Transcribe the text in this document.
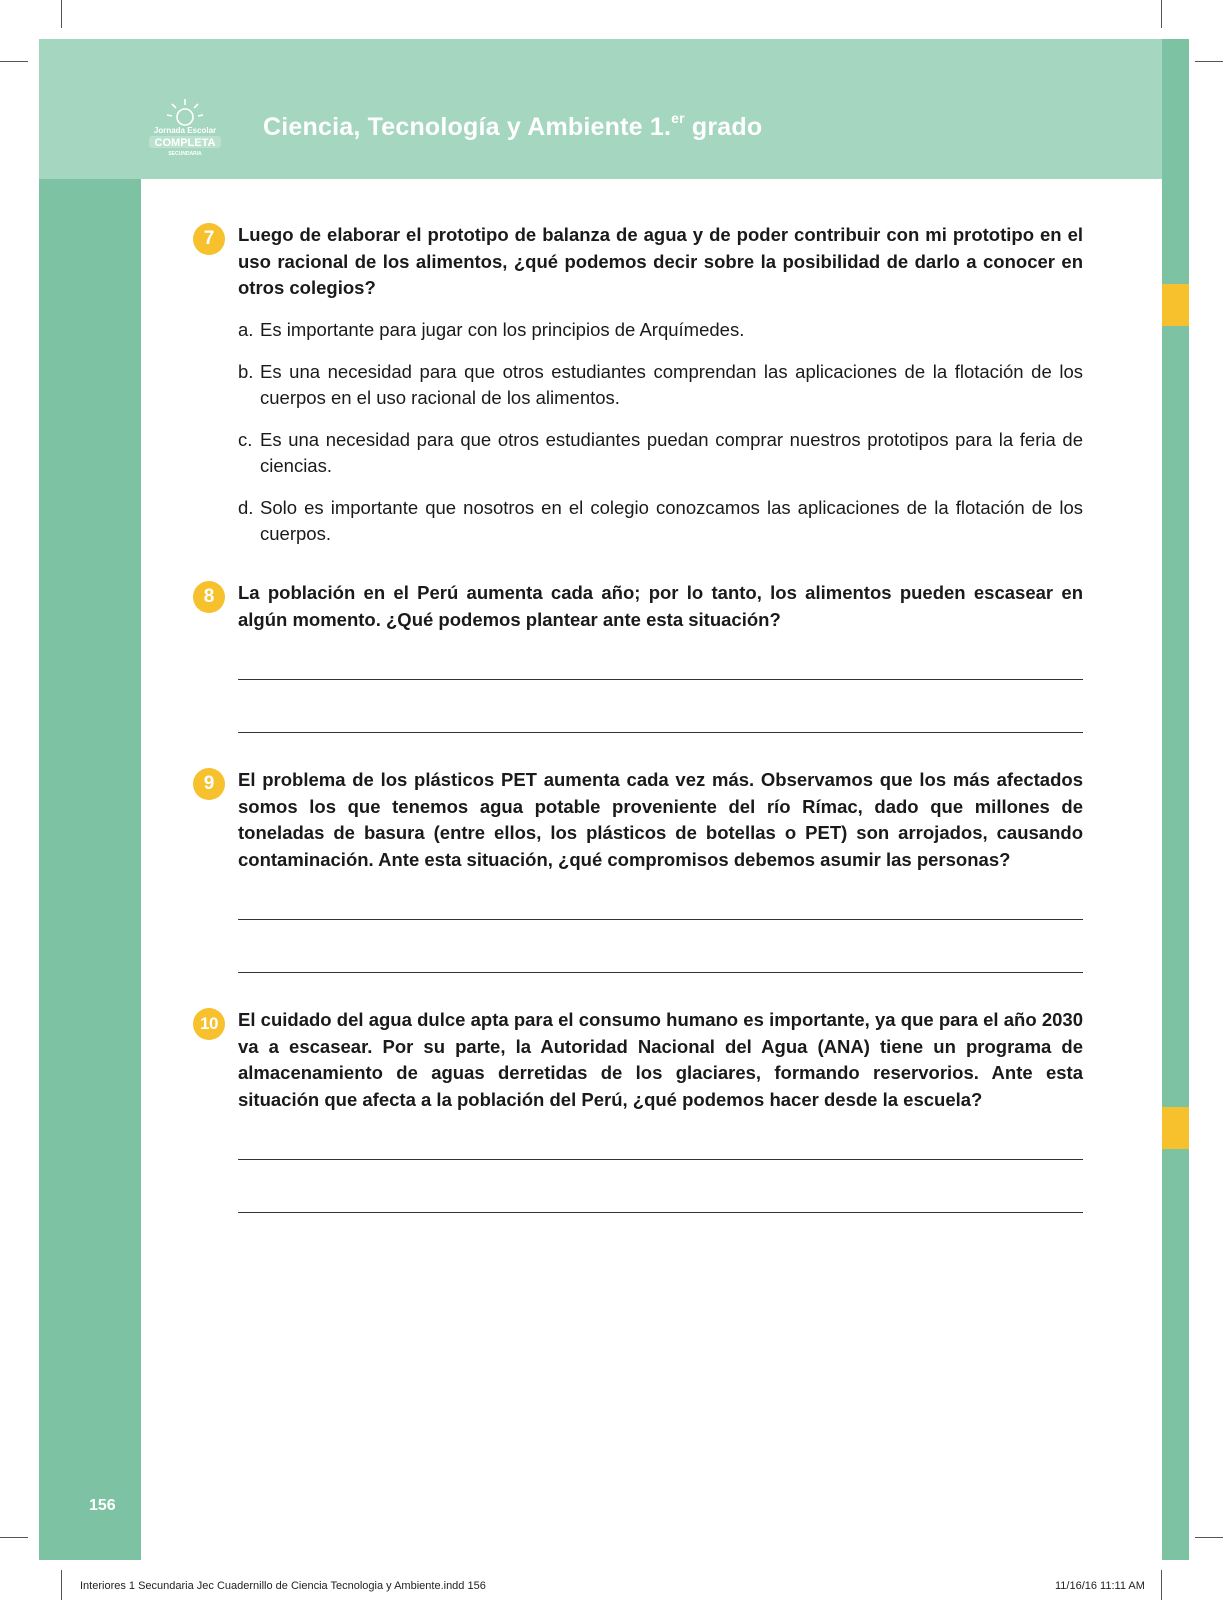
Jornada Escolar
COMPLETA
SECUNDARIA
Ciencia, Tecnología y Ambiente 1.$^{er}$ grado
7	Luego de elaborar el prototipo de balanza de agua y de poder contribuir con mi prototipo en el uso racional de los alimentos, ¿qué podemos decir sobre la posibilidad de darlo a conocer en otros colegios?
a. Es importante para jugar con los principios de Arquímedes.
b. Es una necesidad para que otros estudiantes comprendan las aplicaciones de la flotación de los cuerpos en el uso racional de los alimentos.
c. Es una necesidad para que otros estudiantes puedan comprar nuestros prototipos para la feria de ciencias.
d. Solo es importante que nosotros en el colegio conozcamos las aplicaciones de la flotación de los cuerpos.
8	La población en el Perú aumenta cada año; por lo tanto, los alimentos pueden escasear en algún momento. ¿Qué podemos plantear ante esta situación?
9	El problema de los plásticos PET aumenta cada vez más. Observamos que los más afectados somos los que tenemos agua potable proveniente del río Rímac, dado que millones de toneladas de basura (entre ellos, los plásticos de botellas o PET) son arrojados, causando contaminación. Ante esta situación, ¿qué compromisos debemos asumir las personas?
10	El cuidado del agua dulce apta para el consumo humano es importante, ya que para el año 2030 va a escasear. Por su parte, la Autoridad Nacional del Agua (ANA) tiene un programa de almacenamiento de aguas derretidas de los glaciares, formando reservorios. Ante esta situación que afecta a la población del Perú, ¿qué podemos hacer desde la escuela?
156
Interiores 1 Secundaria Jec Cuadernillo de Ciencia Tecnologia y Ambiente.indd 156	11/16/16 11:11 AM
